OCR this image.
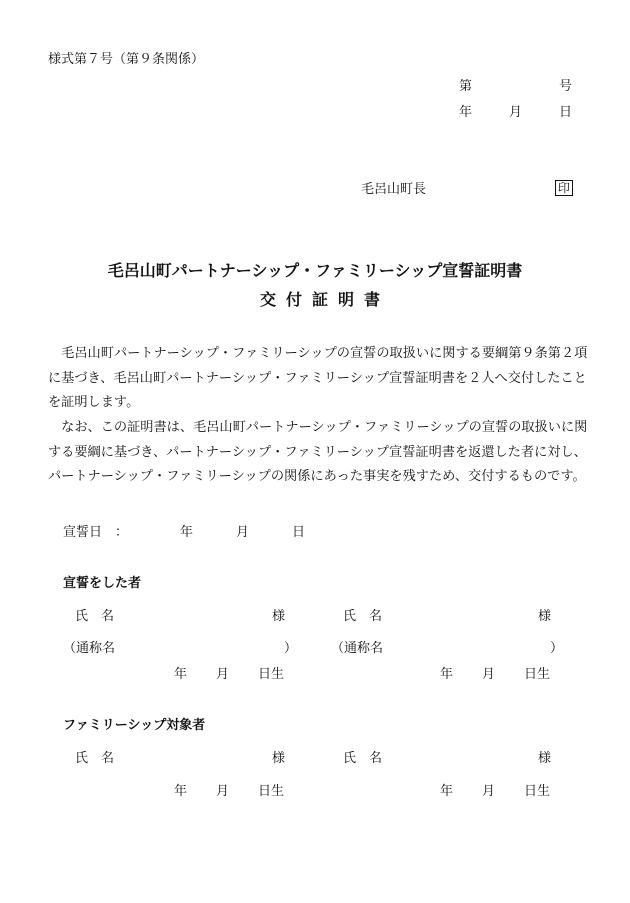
様式第７号（第９条関係）
第	号
年	月	日
毛呂山町長	印
毛呂山町パートナーシップ・ファミリーシップ宣誓証明書
交付証明書
　毛呂山町パートナーシップ・ファミリーシップの宣誓の取扱いに関する要綱第９条第２項に基づき、毛呂山町パートナーシップ・ファミリーシップ宣誓証明書を２人へ交付したことを証明します。
　なお、この証明書は、毛呂山町パートナーシップ・ファミリーシップの宣誓の取扱いに関する要綱に基づき、パートナーシップ・ファミリーシップ宣誓証明書を返還した者に対し、パートナーシップ・ファミリーシップの関係にあった事実を残すため、交付するものです。
宣誓日　：	年	月	日
宣誓をした者
氏　名	様	氏　名	様
（通称名	）	（通称名	）
年 月 日生	年 月 日生
ファミリーシップ対象者
氏　名	様	氏　名	様
年 月 日生	年 月 日生
